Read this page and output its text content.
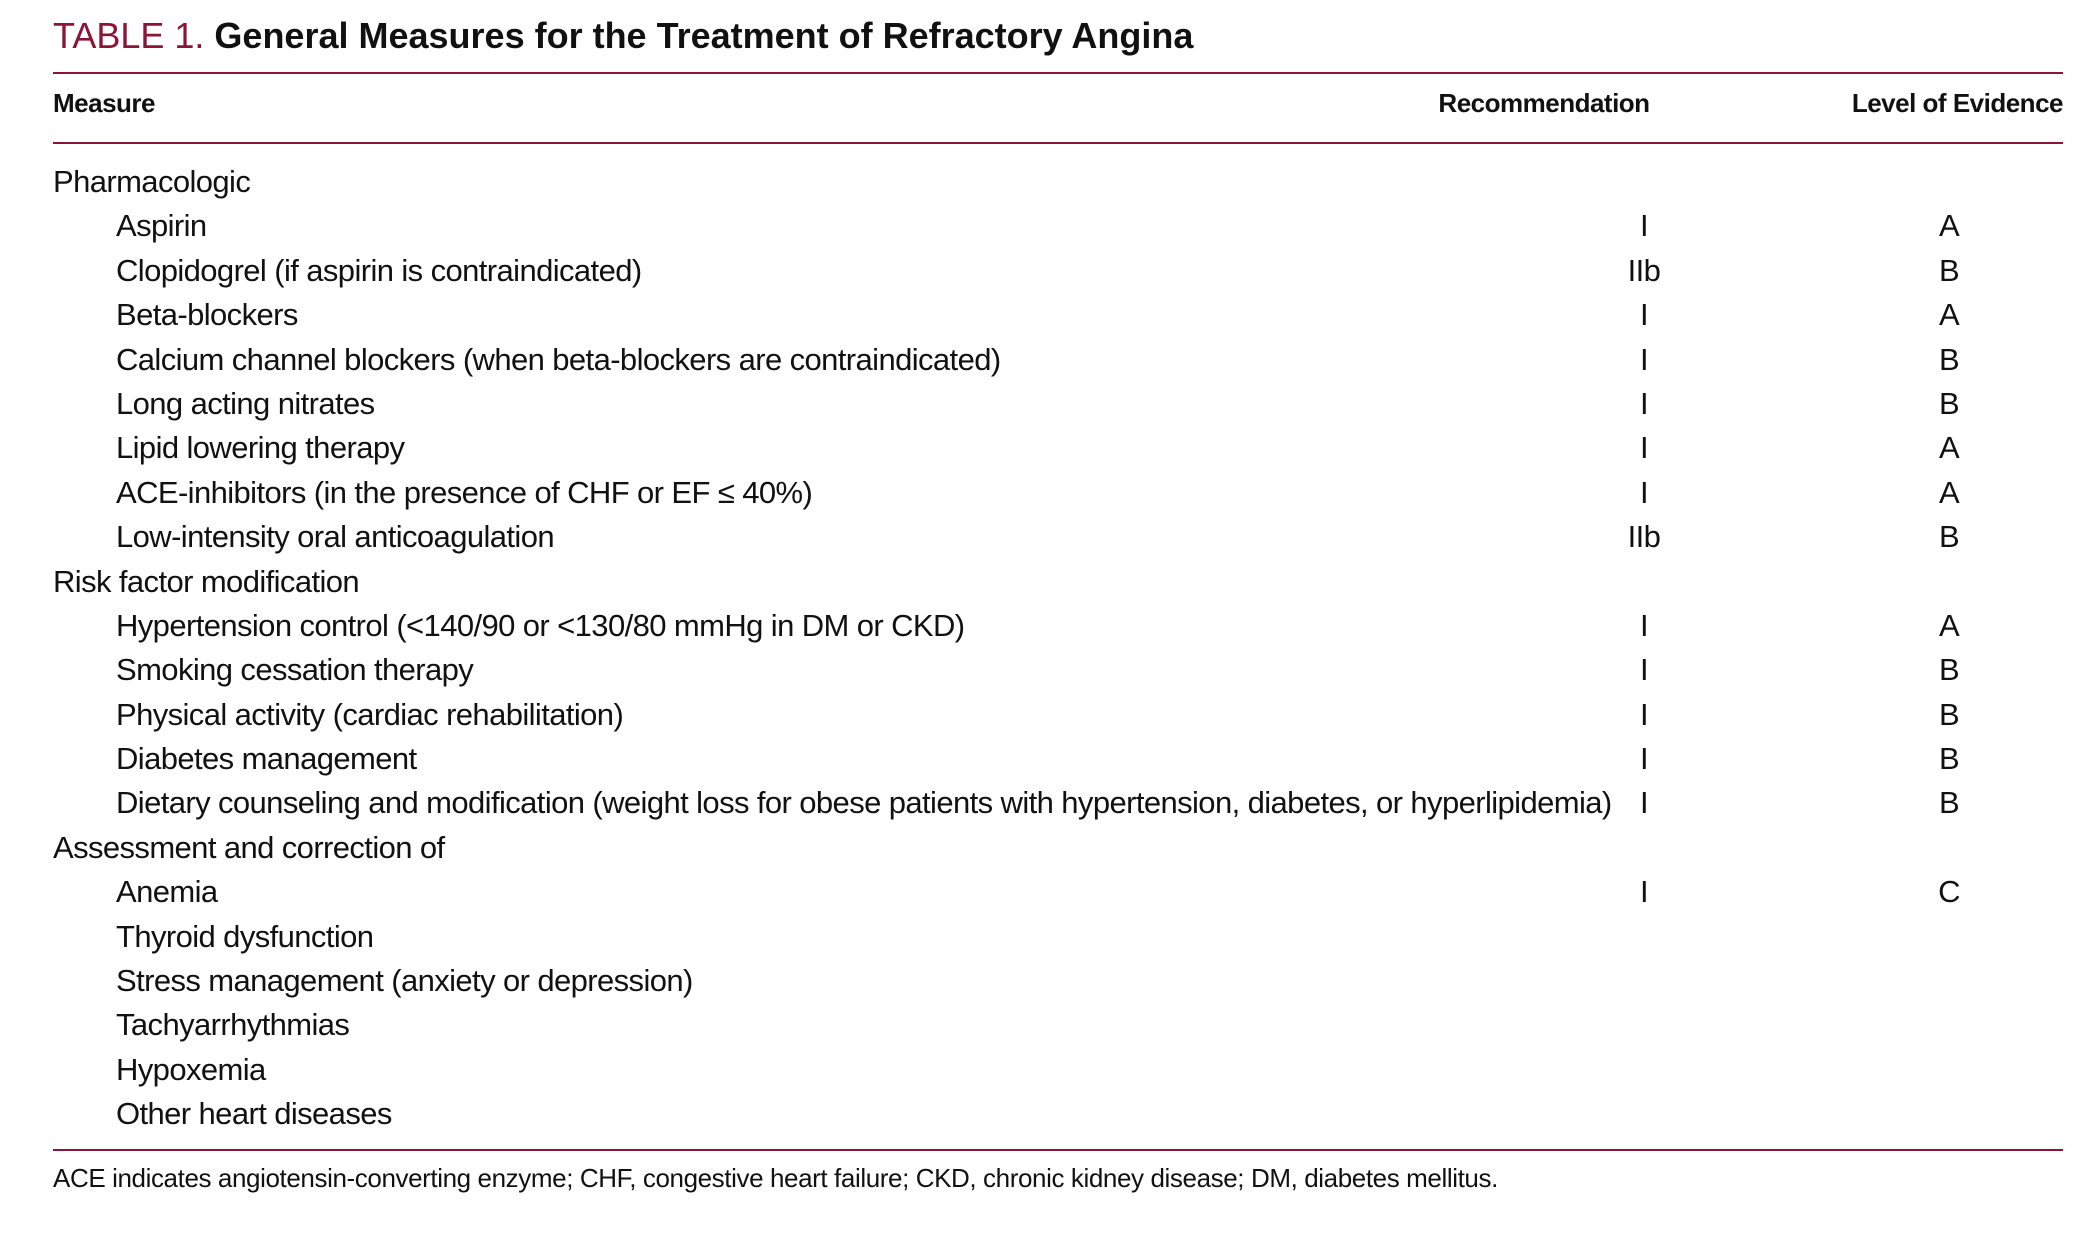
TABLE 1. General Measures for the Treatment of Refractory Angina
Measure	Recommendation	Level of Evidence
Pharmacologic
Aspirin	I	A
Clopidogrel (if aspirin is contraindicated)	IIb	B
Beta-blockers	I	A
Calcium channel blockers (when beta-blockers are contraindicated)	I	B
Long acting nitrates	I	B
Lipid lowering therapy	I	A
ACE-inhibitors (in the presence of CHF or EF ≤ 40%)	I	A
Low-intensity oral anticoagulation	IIb	B
Risk factor modification
Hypertension control (<140/90 or <130/80 mmHg in DM or CKD)	I	A
Smoking cessation therapy	I	B
Physical activity (cardiac rehabilitation)	I	B
Diabetes management	I	B
Dietary counseling and modification (weight loss for obese patients with hypertension, diabetes, or hyperlipidemia) I	B
Assessment and correction of
Anemia	I	C
Thyroid dysfunction
Stress management (anxiety or depression)
Tachyarrhythmias
Hypoxemia
Other heart diseases
ACE indicates angiotensin-converting enzyme; CHF, congestive heart failure; CKD, chronic kidney disease; DM, diabetes mellitus.
